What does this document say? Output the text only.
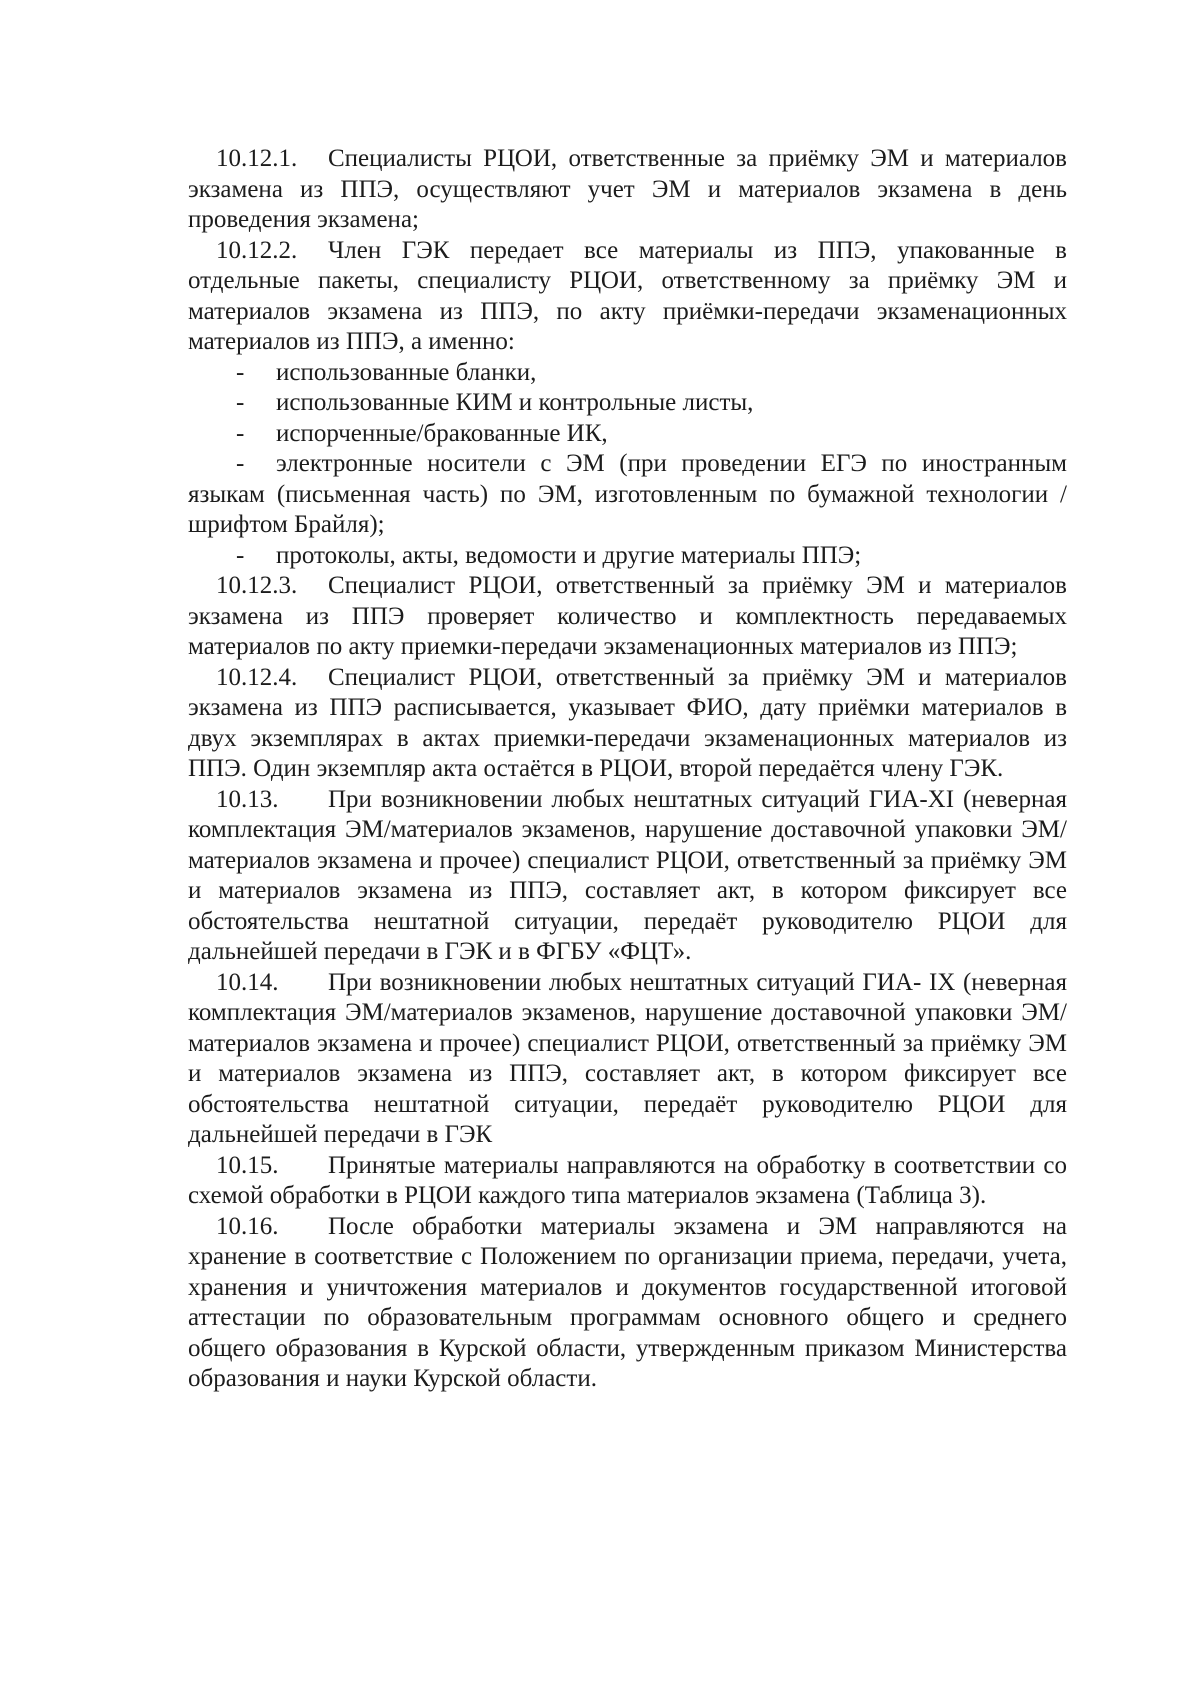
10.12.1. Специалисты РЦОИ, ответственные за приёмку ЭМ и материалов экзамена из ППЭ, осуществляют учет ЭМ и материалов экзамена в день проведения экзамена;

10.12.2. Член ГЭК передает все материалы из ППЭ, упакованные в отдельные пакеты, специалисту РЦОИ, ответственному за приёмку ЭМ и материалов экзамена из ППЭ, по акту приёмки-передачи экзаменационных материалов из ППЭ, а именно:

- использованные бланки,

- использованные КИМ и контрольные листы,

- испорченные/бракованные ИК,

- электронные носители с ЭМ (при проведении ЕГЭ по иностранным языкам (письменная часть) по ЭМ, изготовленным по бумажной технологии / шрифтом Брайля);

- протоколы, акты, ведомости и другие материалы ППЭ;

10.12.3. Специалист РЦОИ, ответственный за приёмку ЭМ и материалов экзамена из ППЭ проверяет количество и комплектность передаваемых материалов по акту приемки-передачи экзаменационных материалов из ППЭ;

10.12.4. Специалист РЦОИ, ответственный за приёмку ЭМ и материалов экзамена из ППЭ расписывается, указывает ФИО, дату приёмки материалов в двух экземплярах в актах приемки-передачи экзаменационных материалов из ППЭ. Один экземпляр акта остаётся в РЦОИ, второй передаётся члену ГЭК.

10.13. При возникновении любых нештатных ситуаций ГИА-XI (неверная комплектация ЭМ/материалов экзаменов, нарушение доставочной упаковки ЭМ/материалов экзамена и прочее) специалист РЦОИ, ответственный за приёмку ЭМ и материалов экзамена из ППЭ, составляет акт, в котором фиксирует все обстоятельства нештатной ситуации, передаёт руководителю РЦОИ для дальнейшей передачи в ГЭК и в ФГБУ «ФЦТ».

10.14. При возникновении любых нештатных ситуаций ГИА- IX (неверная комплектация ЭМ/материалов экзаменов, нарушение доставочной упаковки ЭМ/материалов экзамена и прочее) специалист РЦОИ, ответственный за приёмку ЭМ и материалов экзамена из ППЭ, составляет акт, в котором фиксирует все обстоятельства нештатной ситуации, передаёт руководителю РЦОИ для дальнейшей передачи в ГЭК

10.15. Принятые материалы направляются на обработку в соответствии со схемой обработки в РЦОИ каждого типа материалов экзамена (Таблица 3).

10.16. После обработки материалы экзамена и ЭМ направляются на хранение в соответствие с Положением по организации приема, передачи, учета, хранения и уничтожения материалов и документов государственной итоговой аттестации по образовательным программам основного общего и среднего общего образования в Курской области, утвержденным приказом Министерства образования и науки Курской области.
